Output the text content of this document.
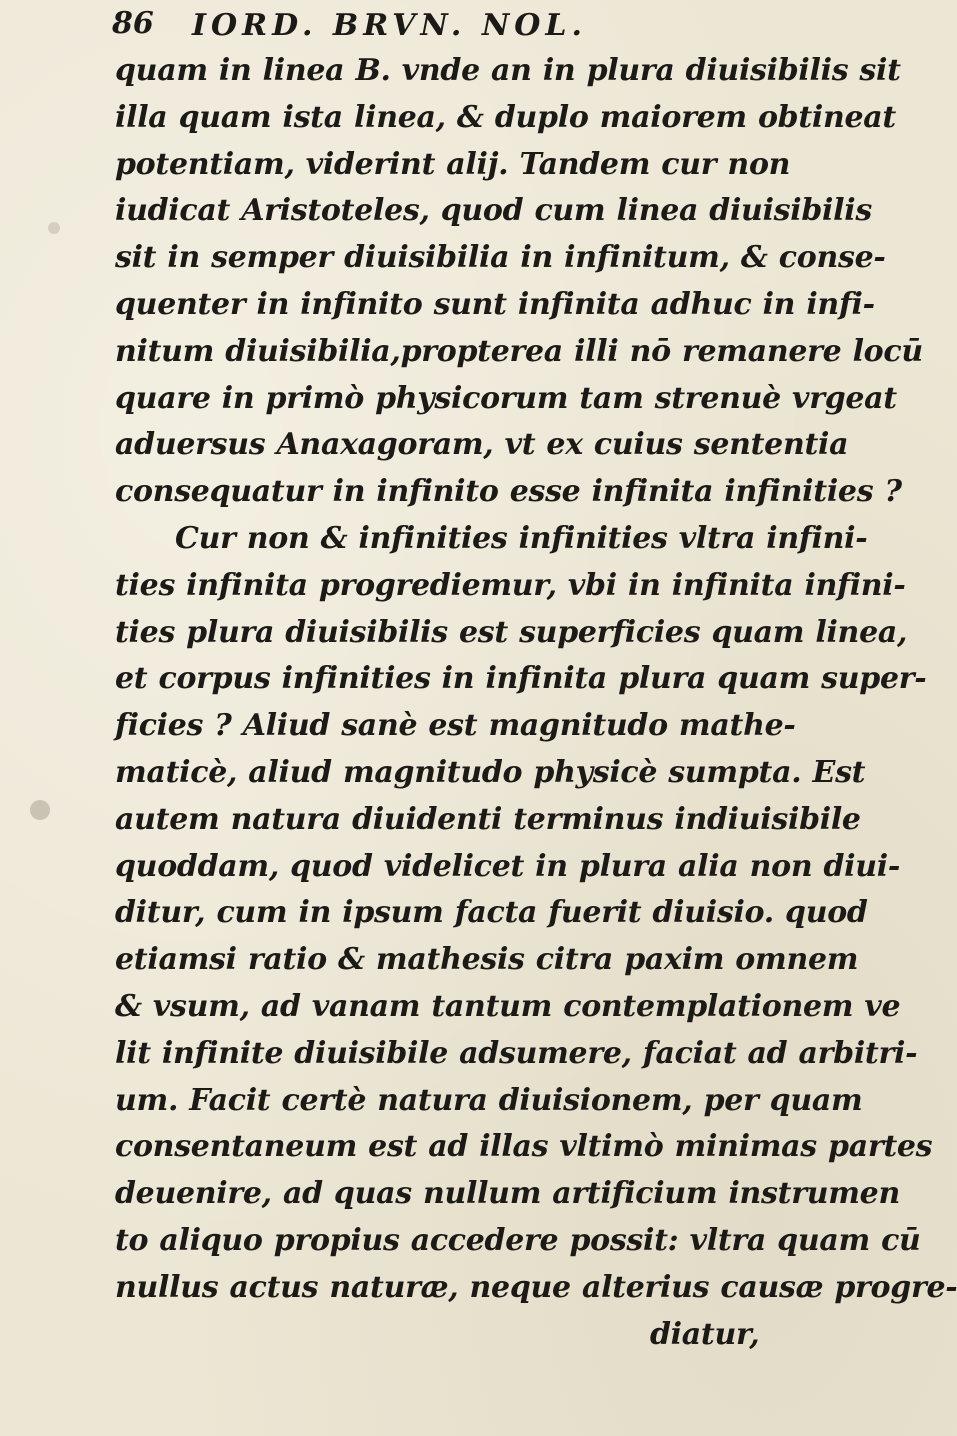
86 IORD. BRVN. NOL.
quam in linea B. vnde an in plura diuisibilis sit
illa quam ista linea, & duplo maiorem obtineat
potentiam, viderint alij. Tandem cur non
iudicat Aristoteles, quod cum linea diuisibilis
sit in semper diuisibilia in infinitum, & conse-
quenter in infinito sunt infinita adhuc in infi-
nitum diuisibilia,propterea illi nō remanere locū
quare in primò physicorum tam strenuè vrgeat
aduersus Anaxagoram, vt ex cuius sententia
consequatur in infinito esse infinita infinities ?
Cur non & infinities infinities vltra infini-
ties infinita progrediemur, vbi in infinita infini-
ties plura diuisibilis est superficies quam linea,
et corpus infinities in infinita plura quam super-
ficies ? Aliud sanè est magnitudo mathe-
maticè, aliud magnitudo physicè sumpta. Est
autem natura diuidenti terminus indiuisibile
quoddam, quod videlicet in plura alia non diui-
ditur, cum in ipsum facta fuerit diuisio. quod
etiamsi ratio & mathesis citra paxim omnem
& vsum, ad vanam tantum contemplationem ve
lit infinite diuisibile adsumere, faciat ad arbitri-
um. Facit certè natura diuisionem, per quam
consentaneum est ad illas vltimò minimas partes
deuenire, ad quas nullum artificium instrumen
to aliquo propius accedere possit: vltra quam cū
nullus actus naturæ, neque alterius causæ progre-
diatur,
